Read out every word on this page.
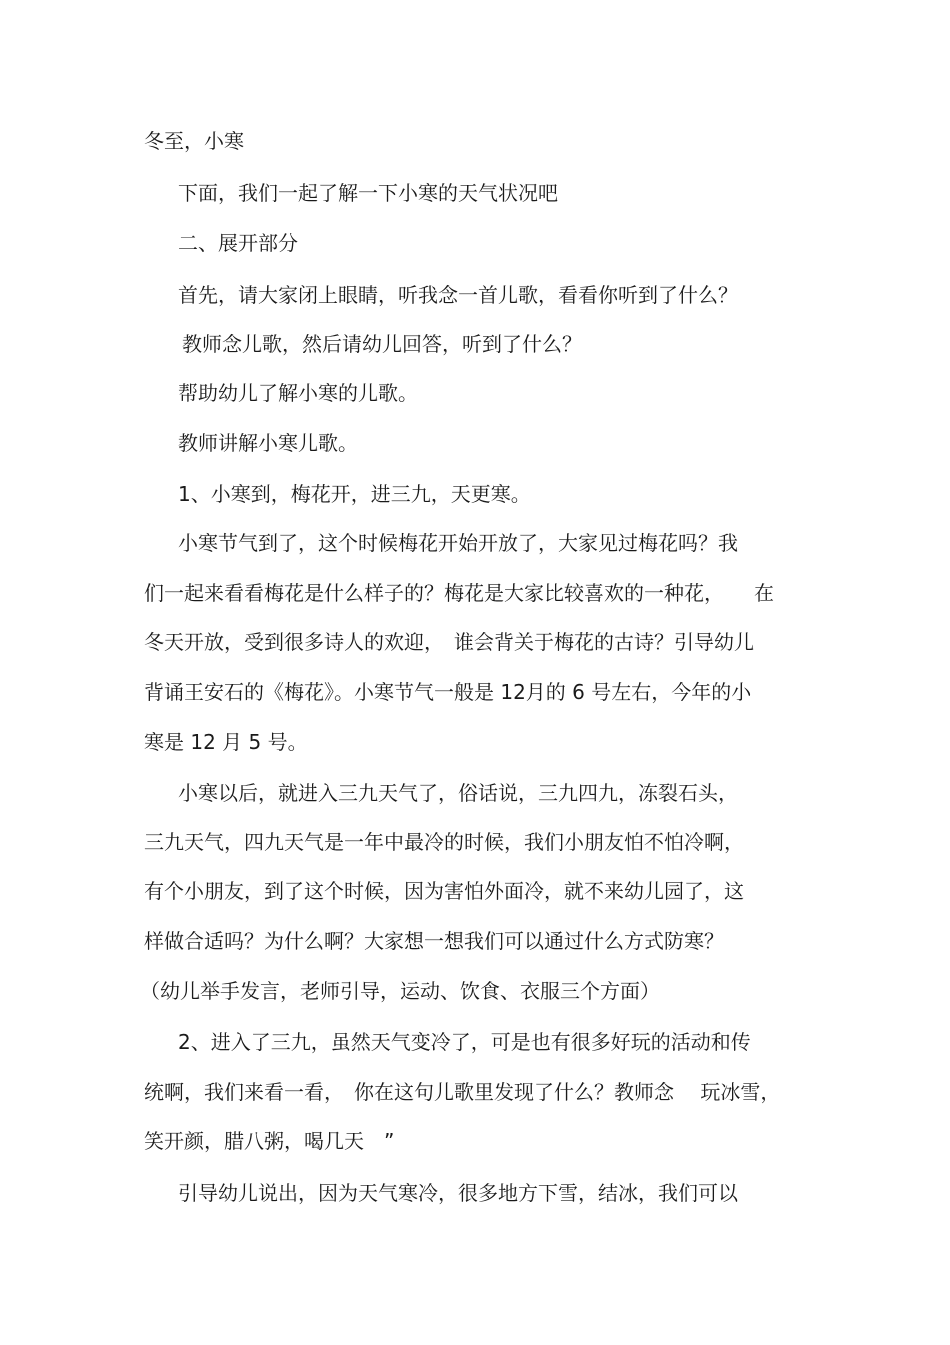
冬至，小寒

下面，我们一起了解一下小寒的天气状况吧

二、展开部分

首先，请大家闭上眼睛，听我念一首儿歌，看看你听到了什么？

教师念儿歌，然后请幼儿回答，听到了什么？

帮助幼儿了解小寒的儿歌。

教师讲解小寒儿歌。

1、小寒到，梅花开，进三九，天更寒。

小寒节气到了，这个时候梅花开始开放了，大家见过梅花吗？我

们一起来看看梅花是什么样子的？梅花是大家比较喜欢的一种花，　　在

冬天开放，受到很多诗人的欢迎，　谁会背关于梅花的古诗？引导幼儿

背诵王安石的《梅花》。小寒节气一般是 12月的 6 号左右，今年的小

寒是 12 月 5 号。

小寒以后，就进入三九天气了，俗话说，三九四九，冻裂石头，

三九天气，四九天气是一年中最冷的时候，我们小朋友怕不怕冷啊，

有个小朋友，到了这个时候，因为害怕外面冷，就不来幼儿园了，这

样做合适吗？为什么啊？大家想一想我们可以通过什么方式防寒？

（幼儿举手发言，老师引导，运动、饮食、衣服三个方面）

2、进入了三九，虽然天气变冷了，可是也有很多好玩的活动和传

统啊，我们来看一看，　你在这句儿歌里发现了什么？教师念　 玩冰雪，

笑开颜，腊八粥，喝几天　”

引导幼儿说出，因为天气寒冷，很多地方下雪，结冰，我们可以
